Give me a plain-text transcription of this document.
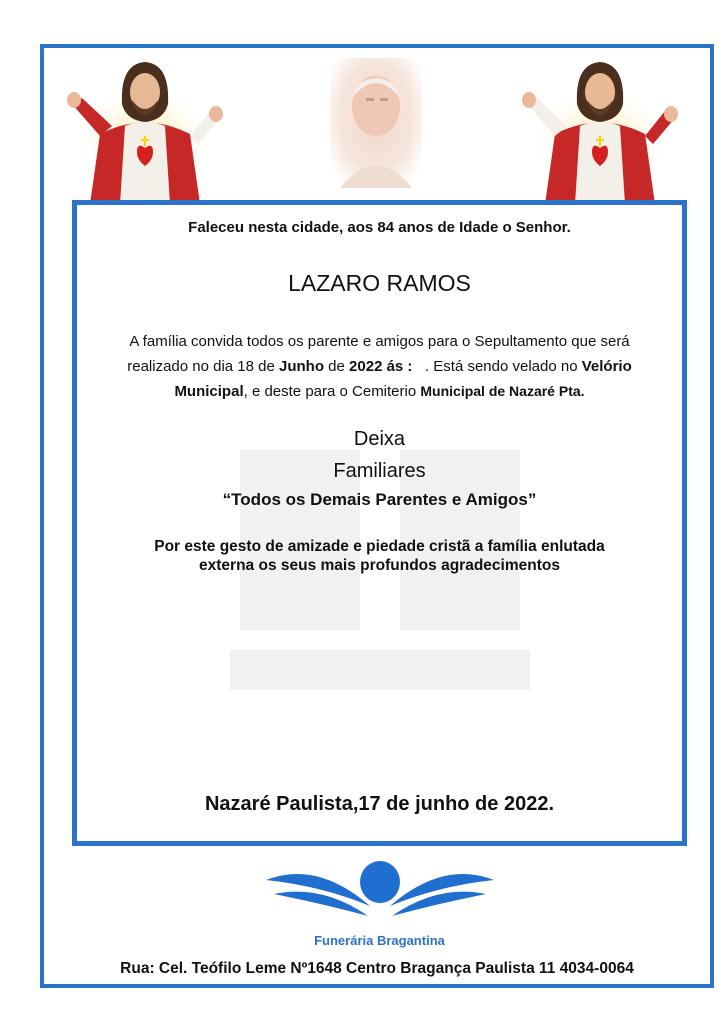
Faleceu nesta cidade, aos 84 anos de Idade o Senhor.
LAZARO RAMOS
A família convida todos os parente e amigos para o Sepultamento que será realizado no dia 18 de Junho de 2022 ás :   . Está sendo velado no Velório Municipal, e deste para o Cemiterio Municipal de Nazaré Pta.
Deixa
Familiares
“Todos os Demais Parentes e Amigos”
Por este gesto de amizade e piedade cristã a família enlutada externa os seus mais profundos agradecimentos
Nazaré Paulista,17 de junho de 2022.
Funerária Bragantina
Rua: Cel. Teófilo Leme Nº1648 Centro Bragança Paulista 11 4034-0064
